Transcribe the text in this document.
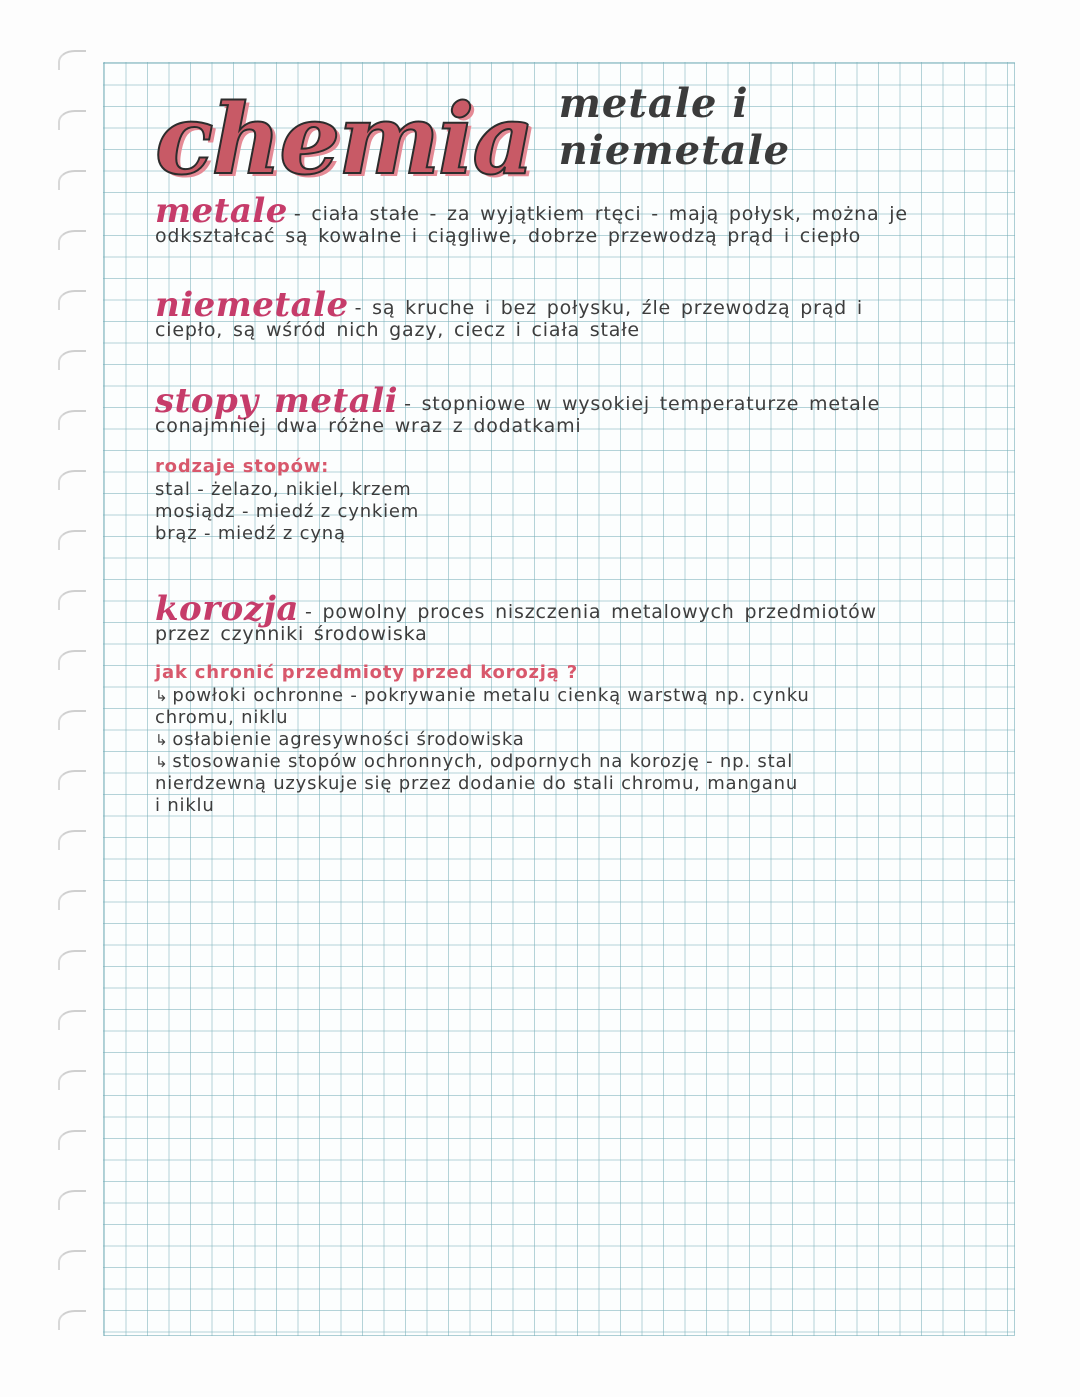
chemia metale i niemetale
metale - ciała stałe - za wyjątkiem rtęci - mają połysk, można je
odkształcać są kowalne i ciągliwe, dobrze przewodzą prąd i ciepło
niemetale - są kruche i bez połysku, źle przewodzą prąd i
ciepło, są wśród nich gazy, ciecz i ciała stałe
stopy metali - stopniowe w wysokiej temperaturze metale
conajmniej dwa różne wraz z dodatkami
rodzaje stopów:
stal - żelazo, nikiel, krzem
mosiądz - miedź z cynkiem
brąz - miedź z cyną
korozja - powolny proces niszczenia metalowych przedmiotów
przez czynniki środowiska
jak chronić przedmioty przed korozją ?
↳ powłoki ochronne - pokrywanie metalu cienką warstwą np. cynku
chromu, niklu
↳ osłabienie agresywności środowiska
↳ stosowanie stopów ochronnych, odpornych na korozję - np. stal
nierdzewną uzyskuje się przez dodanie do stali chromu, manganu
i niklu
